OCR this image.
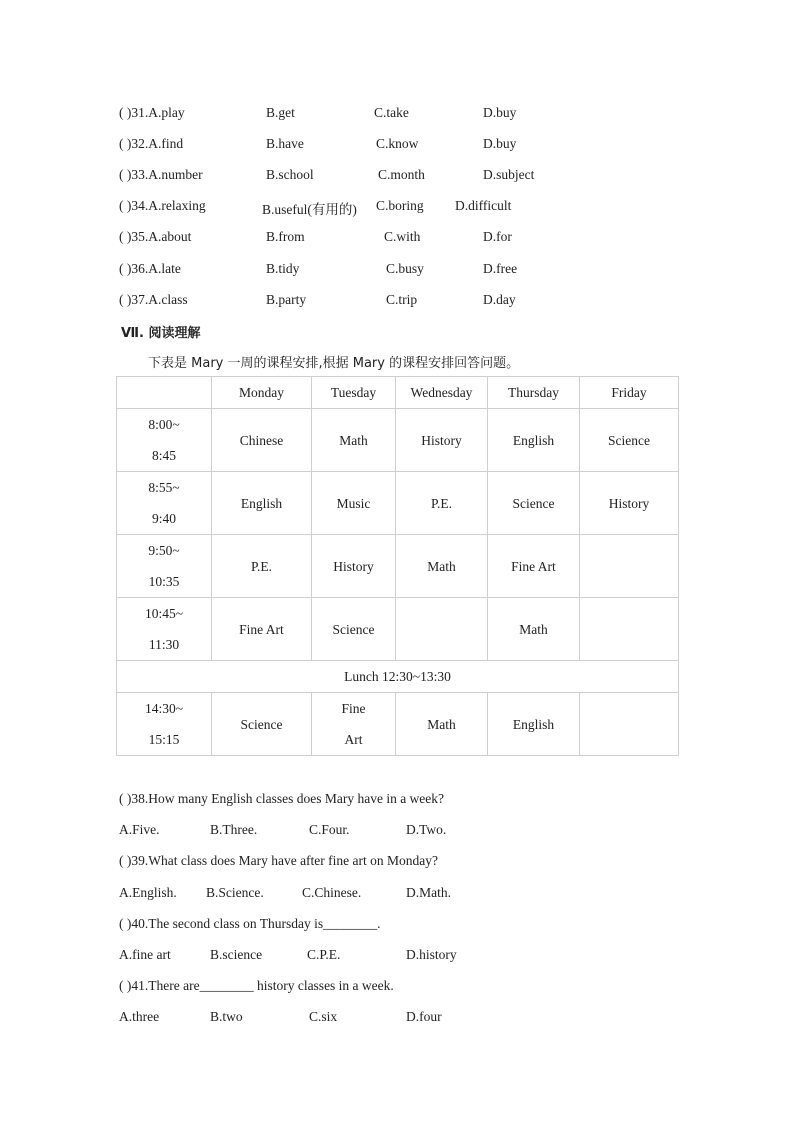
( )31.A.play	B.get	C.take	D.buy
( )32.A.find	B.have	C.know	D.buy
( )33.A.number	B.school	C.month	D.subject
( )34.A.relaxing	B.useful(有用的) C.boring D.difficult
( )35.A.about	B.from	C.with	D.for
( )36.A.late	B.tidy	C.busy	D.free
( )37.A.class	B.party	C.trip	D.day
Ⅶ. 阅读理解
下表是 Mary 一周的课程安排,根据 Mary 的课程安排回答问题。
	Monday	Tuesday	Wednesday	Thursday	Friday

8:00~
8:45	Chinese	Math	History	English	Science

8:55~
9:40	English	Music	P.E.	Science	History

9:50~
10:35	P.E.	History	Math	Fine Art	

10:45~
11:30	Fine Art	Science		Math	
Lunch 12:30~13:30					

14:30~
15:15	Science	Fine
Art	Math	English	
( )38.How many English classes does Mary have in a week?
A.Five.	B.Three.	C.Four.	D.Two.
( )39.What class does Mary have after fine art on Monday?
A.English. B.Science.	C.Chinese.	D.Math.
( )40.The second class on Thursday is________.
A.fine art	B.science	C.P.E.	D.history
( )41.There are________ history classes in a week.
A.three	B.two	C.six	D.four
